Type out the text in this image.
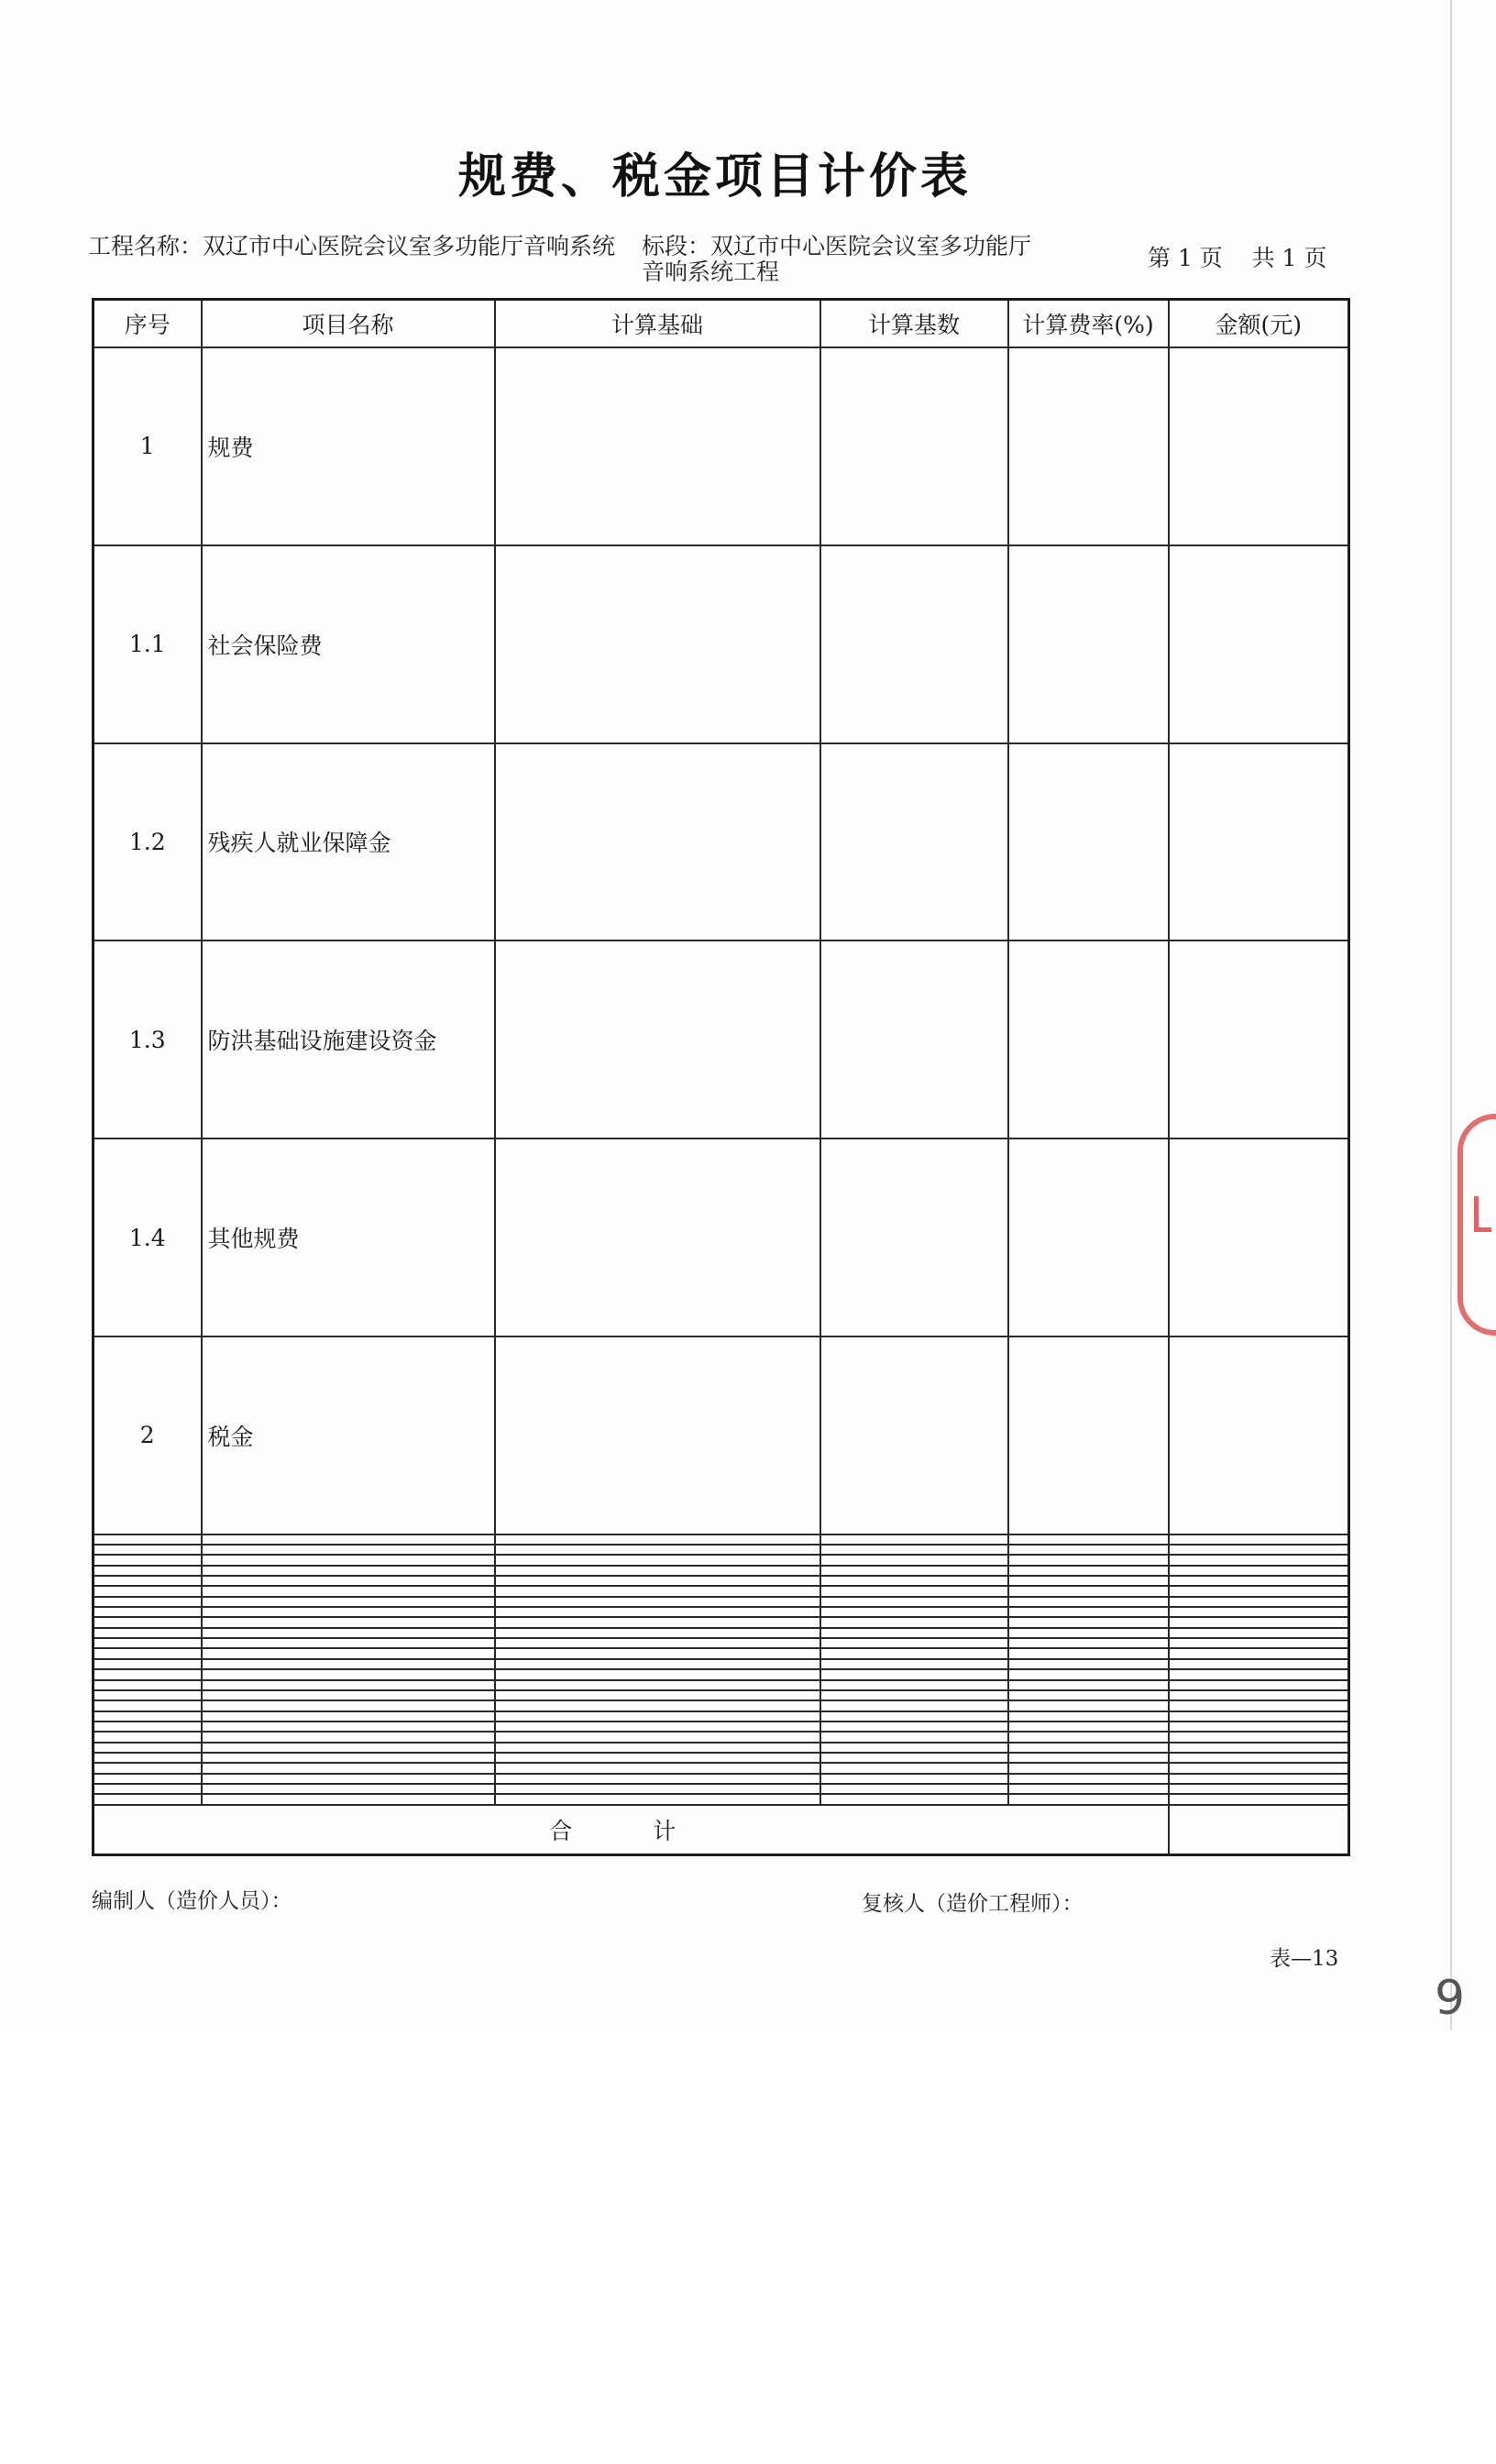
规费、税金项目计价表
工程名称：双辽市中心医院会议室多功能厅音响系统 标段：双辽市中心医院会议室多功能厅音响系统工程
第 1 页 共 1 页
序号	项目名称	计算基础	计算基数	计算费率(%)	金额(元)
1	规费				
1.1	社会保险费				
1.2	残疾人就业保障金				
1.3	防洪基础设施建设资金				
1.4	其他规费				
2	税金				

合 计					
编制人（造价人员）：	复核人（造价工程师）：
表—13
9
